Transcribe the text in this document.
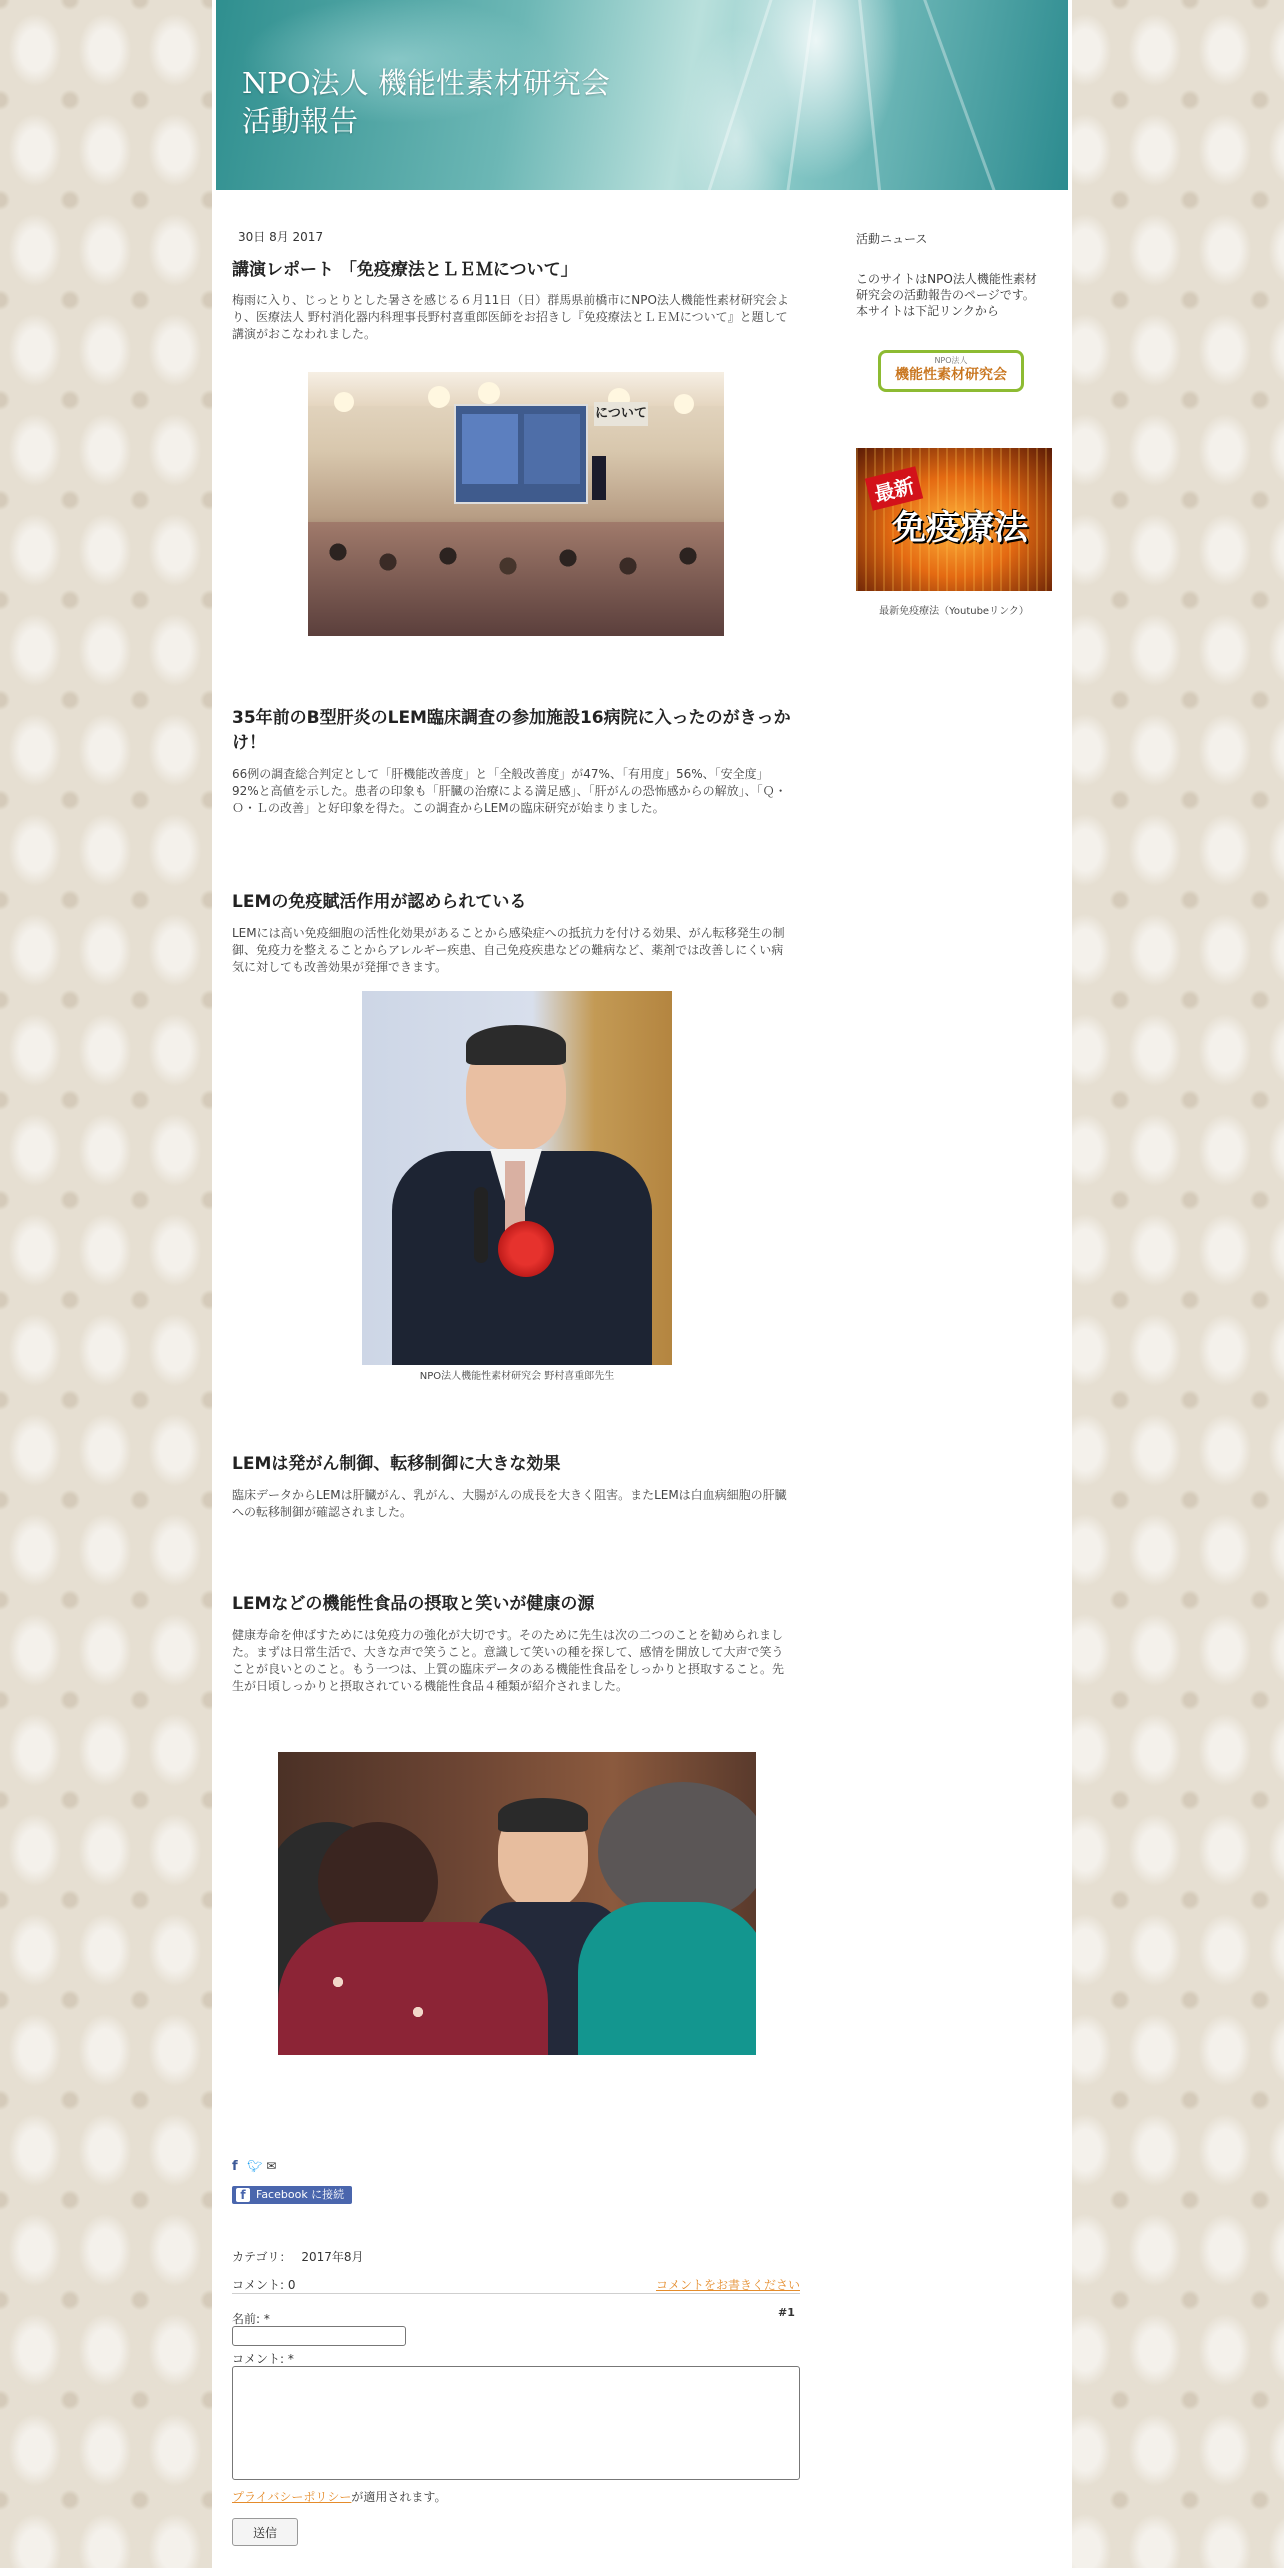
NPO法人 機能性素材研究会
活動報告
30日 8月 2017
講演レポート 「免疫療法とＬＥＭについて」

梅雨に入り、じっとりとした暑さを感じる６月11日（日）群馬県前橋市にNPO法人機能性素材研究会より、医療法人 野村消化器内科理事長野村喜重郎医師をお招きし『免疫療法とＬＥＭについて』と題して講演がおこなわれました。

について
35年前のB型肝炎のLEM臨床調査の参加施設16病院に入ったのがきっかけ！

66例の調査総合判定として「肝機能改善度」と「全般改善度」が47%、「有用度」56%、「安全度」92%と高値を示した。患者の印象も「肝臓の治療による満足感」、「肝がんの恐怖感からの解放」、「Ｑ・Ｏ・Ｌの改善」と好印象を得た。この調査からLEMの臨床研究が始まりました。

LEMの免疫賦活作用が認められている

LEMには高い免疫細胞の活性化効果があることから感染症への抵抗力を付ける効果、がん転移発生の制御、免疫力を整えることからアレルギー疾患、自己免疫疾患などの難病など、薬剤では改善しにくい病気に対しても改善効果が発揮できます。

NPO法人機能性素材研究会 野村喜重郎先生
LEMは発がん制御、転移制御に大きな効果

臨床データからLEMは肝臓がん、乳がん、大腸がんの成長を大きく阻害。またLEMは白血病細胞の肝臓への転移制御が確認されました。

LEMなどの機能性食品の摂取と笑いが健康の源

健康寿命を伸ばすためには免疫力の強化が大切です。そのために先生は次の二つのことを勧められました。まずは日常生活で、大きな声で笑うこと。意識して笑いの種を探して、感情を開放して大声で笑うことが良いとのこと。もう一つは、上質の臨床データのある機能性食品をしっかりと摂取すること。先生が日頃しっかりと摂取されている機能性食品４種類が紹介されました。

f 🐦︎ ✉
f Facebook に接続する
カテゴリ： 2017年8月
コメント: 0	コメントをお書きください
#1
名前: *
コメント: *
プライバシーポリシーが適用されます。
送信
活動ニュース
このサイトはNPO法人機能性素材研究会の活動報告のページです。
本サイトは下記リンクから
NPO法人
機能性素材研究会
最新
免疫療法
最新免疫療法（Youtubeリンク）
